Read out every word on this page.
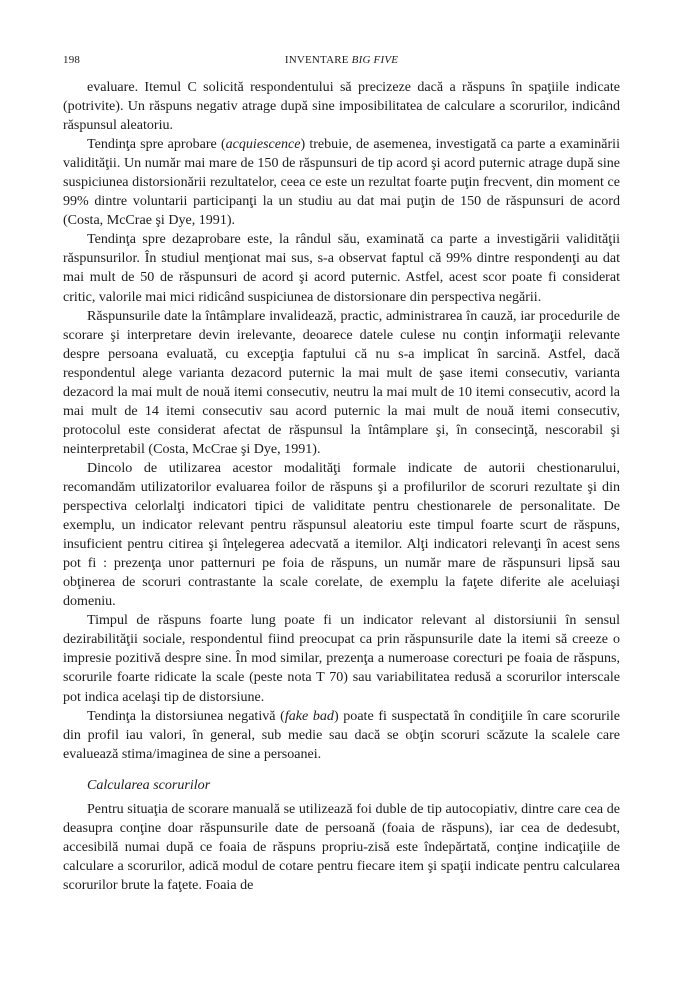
198	INVENTARE BIG FIVE

evaluare. Itemul C solicită respondentului să precizeze dacă a răspuns în spaţiile indicate (potrivite). Un răspuns negativ atrage după sine imposibilitatea de calculare a scorurilor, indicând răspunsul aleatoriu.

Tendinţa spre aprobare (acquiescence) trebuie, de asemenea, investigată ca parte a examinării validităţii. Un număr mai mare de 150 de răspunsuri de tip acord şi acord puternic atrage după sine suspiciunea distorsionării rezultatelor, ceea ce este un rezultat foarte puţin frecvent, din moment ce 99% dintre voluntarii participanţi la un studiu au dat mai puţin de 150 de răspunsuri de acord (Costa, McCrae şi Dye, 1991).

Tendinţa spre dezaprobare este, la rândul său, examinată ca parte a investigării validităţii răspunsurilor. În studiul menţionat mai sus, s-a observat faptul că 99% dintre respondenţi au dat mai mult de 50 de răspunsuri de acord şi acord puternic. Astfel, acest scor poate fi considerat critic, valorile mai mici ridicând suspiciunea de distorsionare din perspectiva negării.

Răspunsurile date la întâmplare invalidează, practic, administrarea în cauză, iar procedurile de scorare şi interpretare devin irelevante, deoarece datele culese nu conţin informaţii relevante despre persoana evaluată, cu excepţia faptului că nu s-a implicat în sarcină. Astfel, dacă respondentul alege varianta dezacord puternic la mai mult de şase itemi consecutiv, varianta dezacord la mai mult de nouă itemi consecutiv, neutru la mai mult de 10 itemi consecutiv, acord la mai mult de 14 itemi consecutiv sau acord puternic la mai mult de nouă itemi consecutiv, protocolul este considerat afectat de răspunsul la întâmplare şi, în consecinţă, nescorabil şi neinterpretabil (Costa, McCrae şi Dye, 1991).

Dincolo de utilizarea acestor modalităţi formale indicate de autorii chestionarului, recomandăm utilizatorilor evaluarea foilor de răspuns şi a profilurilor de scoruri rezultate şi din perspectiva celorlalţi indicatori tipici de validitate pentru chestionarele de personalitate. De exemplu, un indicator relevant pentru răspunsul aleatoriu este timpul foarte scurt de răspuns, insuficient pentru citirea şi înţelegerea adecvată a itemilor. Alţi indicatori relevanţi în acest sens pot fi : prezenţa unor patternuri pe foia de răspuns, un număr mare de răspunsuri lipsă sau obţinerea de scoruri contrastante la scale corelate, de exemplu la faţete diferite ale aceluiaşi domeniu.

Timpul de răspuns foarte lung poate fi un indicator relevant al distorsiunii în sensul dezirabilităţii sociale, respondentul fiind preocupat ca prin răspunsurile date la itemi să creeze o impresie pozitivă despre sine. În mod similar, prezenţa a numeroase corecturi pe foaia de răspuns, scorurile foarte ridicate la scale (peste nota T 70) sau variabilitatea redusă a scorurilor interscale pot indica acelaşi tip de distorsiune.

Tendinţa la distorsiunea negativă (fake bad) poate fi suspectată în condiţiile în care scorurile din profil iau valori, în general, sub medie sau dacă se obţin scoruri scăzute la scalele care evaluează stima/imaginea de sine a persoanei.

Calcularea scorurilor

Pentru situaţia de scorare manuală se utilizează foi duble de tip autocopiativ, dintre care cea de deasupra conţine doar răspunsurile date de persoană (foaia de răspuns), iar cea de dedesubt, accesibilă numai după ce foaia de răspuns propriu-zisă este îndepărtată, conţine indicaţiile de calculare a scorurilor, adică modul de cotare pentru fiecare item şi spaţii indicate pentru calcularea scorurilor brute la faţete. Foaia de
